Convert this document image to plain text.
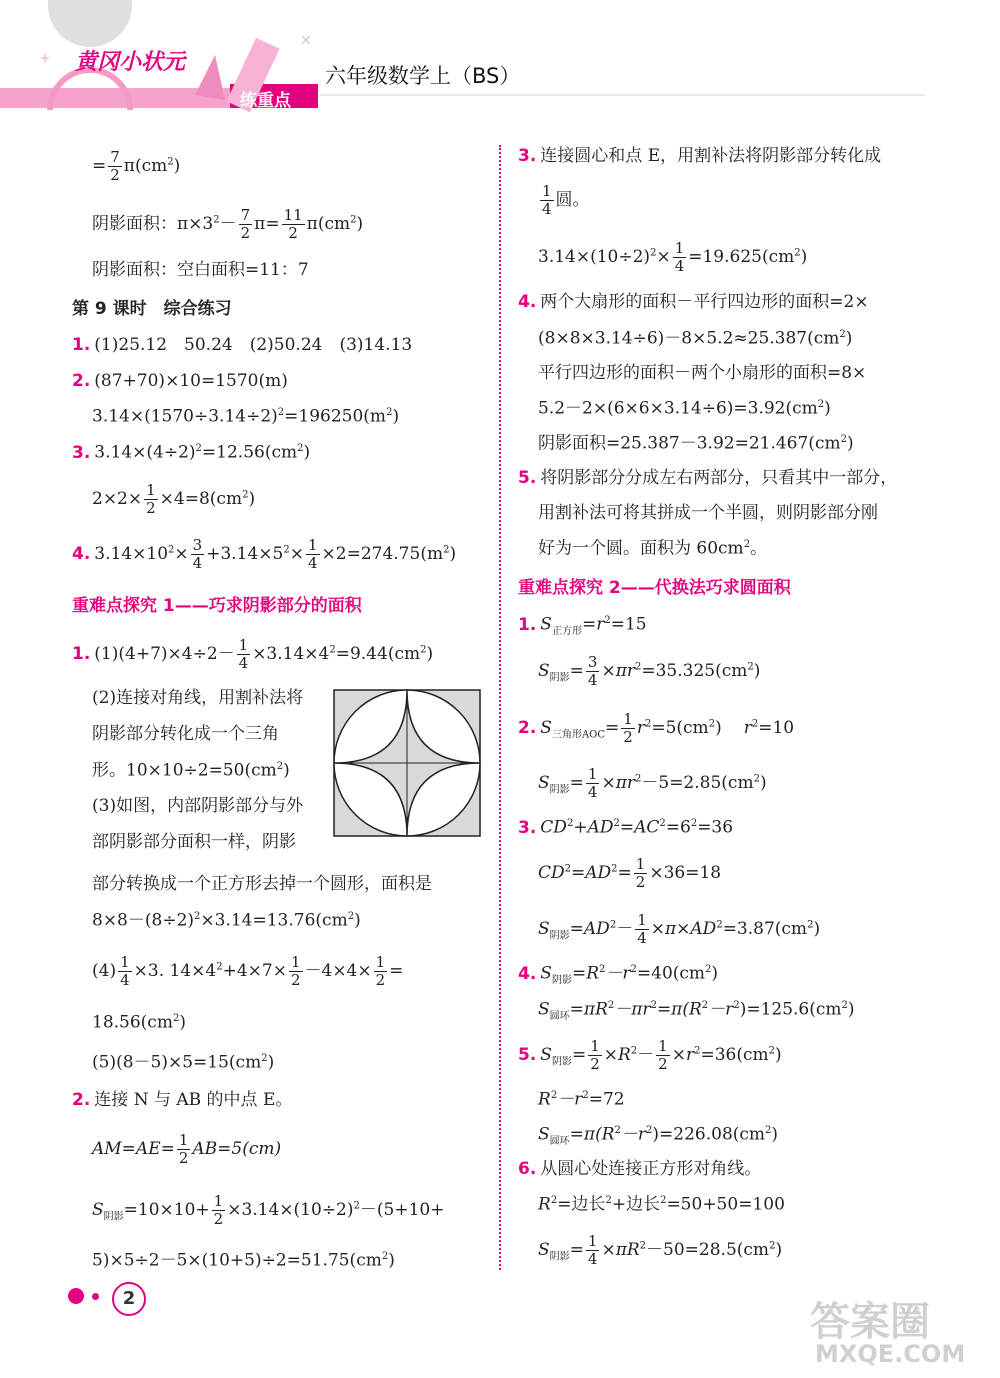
+
✕
黄冈小状元
练重点
六年级数学上（BS）
= $\frac{7}{2} \pi(cm^2)$
阴影面积：$\pi\times 3^2- \frac{7}{2} \pi= \frac{11}{2} \pi(cm^2)$
阴影面积：空白面积=11：7
第 9 课时　综合练习
1. (1)25.12　50.24　(2)50.24　(3)14.13
2. (87+70)×10=1570(m)
$3.14\times(1570\div 3.14\div 2)^2=196250(m^2)$
3. $3.14\times(4\div 2)^2=12.56(cm^2)$
$2\times 2\times \frac{1}{2} \times 4=8(cm^2)$
4. $3.14\times 10^2\times \frac{3}{4} +3.14\times 5^2\times \frac{1}{4} \times 2=274.75(m^2)$
重难点探究 1——巧求阴影部分的面积
1. $(1)(4+7)\times 4\div 2- \frac{1}{4} \times 3.14\times 4^2=9.44(cm^2)$
(2)连接对角线，用割补法将
阴影部分转化成一个三角
形。$10\times 10\div 2=50(cm^2)$
(3)如图，内部阴影部分与外
部阴影部分面积一样，阴影
部分转换成一个正方形去掉一个圆形，面积是
$8\times 8-(8\div 2)^2\times 3.14=13.76(cm^2)$
$(4) \frac{1}{4} \times 3$. $14\times 4^2+4\times 7\times \frac{1}{2} -4\times 4\times \frac{1}{2}$ =
$18.56(cm^2)$
$(5)(8-5)\times 5=15(cm^2)$
2. 连接 N 与 AB 的中点 E。
$AM=AE= \frac{1}{2} AB=5(cm)$
$S_{阴影}=10\times 10+ \frac{1}{2} \times 3.14\times(10\div 2)^2-(5+10+$
$5)\times 5\div 2-5\times(10+5)\div 2=51.75(cm^2)$
3. 连接圆心和点 E，用割补法将阴影部分转化成
$\frac{1}{4}$ 圆。
$3.14\times(10\div 2)^2\times \frac{1}{4} =19.625(cm^2)$
4. 两个大扇形的面积－平行四边形的面积=2×
$(8\times 8\times 3.14\div 6)-8\times 5.2\approx 25.387(cm^2)$
平行四边形的面积－两个小扇形的面积=8×
$5.2-2\times(6\times 6\times 3.14\div 6)=3.92(cm^2)$
阴影面积$=25.387-3.92=21.467(cm^2)$
5. 将阴影部分分成左右两部分，只看其中一部分，
用割补法可将其拼成一个半圆，则阴影部分刚
好为一个圆。面积为 $60cm^2$。
重难点探究 2——代换法巧求圆面积
1. $S_{正方形}=r^2=15$
$S_{阴影}= \frac{3}{4} \times\pi r^2=35.325(cm^2)$
2. $S_{三角形AOC}= \frac{1}{2} r^2=5(cm^2)$ $r^2=10$
$S_{阴影}= \frac{1}{4} \times\pi r^2-5=2.85(cm^2)$
3. $CD^2+AD^2=AC^2=6^2=36$
$CD^2=AD^2= \frac{1}{2} \times 36=18$
$S_{阴影}=AD^2- \frac{1}{4} \times\pi\times AD^2=3.87(cm^2)$
4. $S_{阴影}=R^2-r^2=40(cm^2)$
$S_{圆环}=\pi R^2-\pi r^2=\pi(R^2-r^2)=125.6(cm^2)$
5. $S_{阴影}= \frac{1}{2} \times R^2- \frac{1}{2} \times r^2=36(cm^2)$
$R^2-r^2=72$
$S_{圆环}=\pi(R^2-r^2)=226.08(cm^2)$
6. 从圆心处连接正方形对角线。
$R^2=$边长$^2$+边长$^2$=50+50=100
$S_{阴影}= \frac{1}{4} \times\pi R^2-50=28.5(cm^2)$
2
答案圈
MXQE.COM
